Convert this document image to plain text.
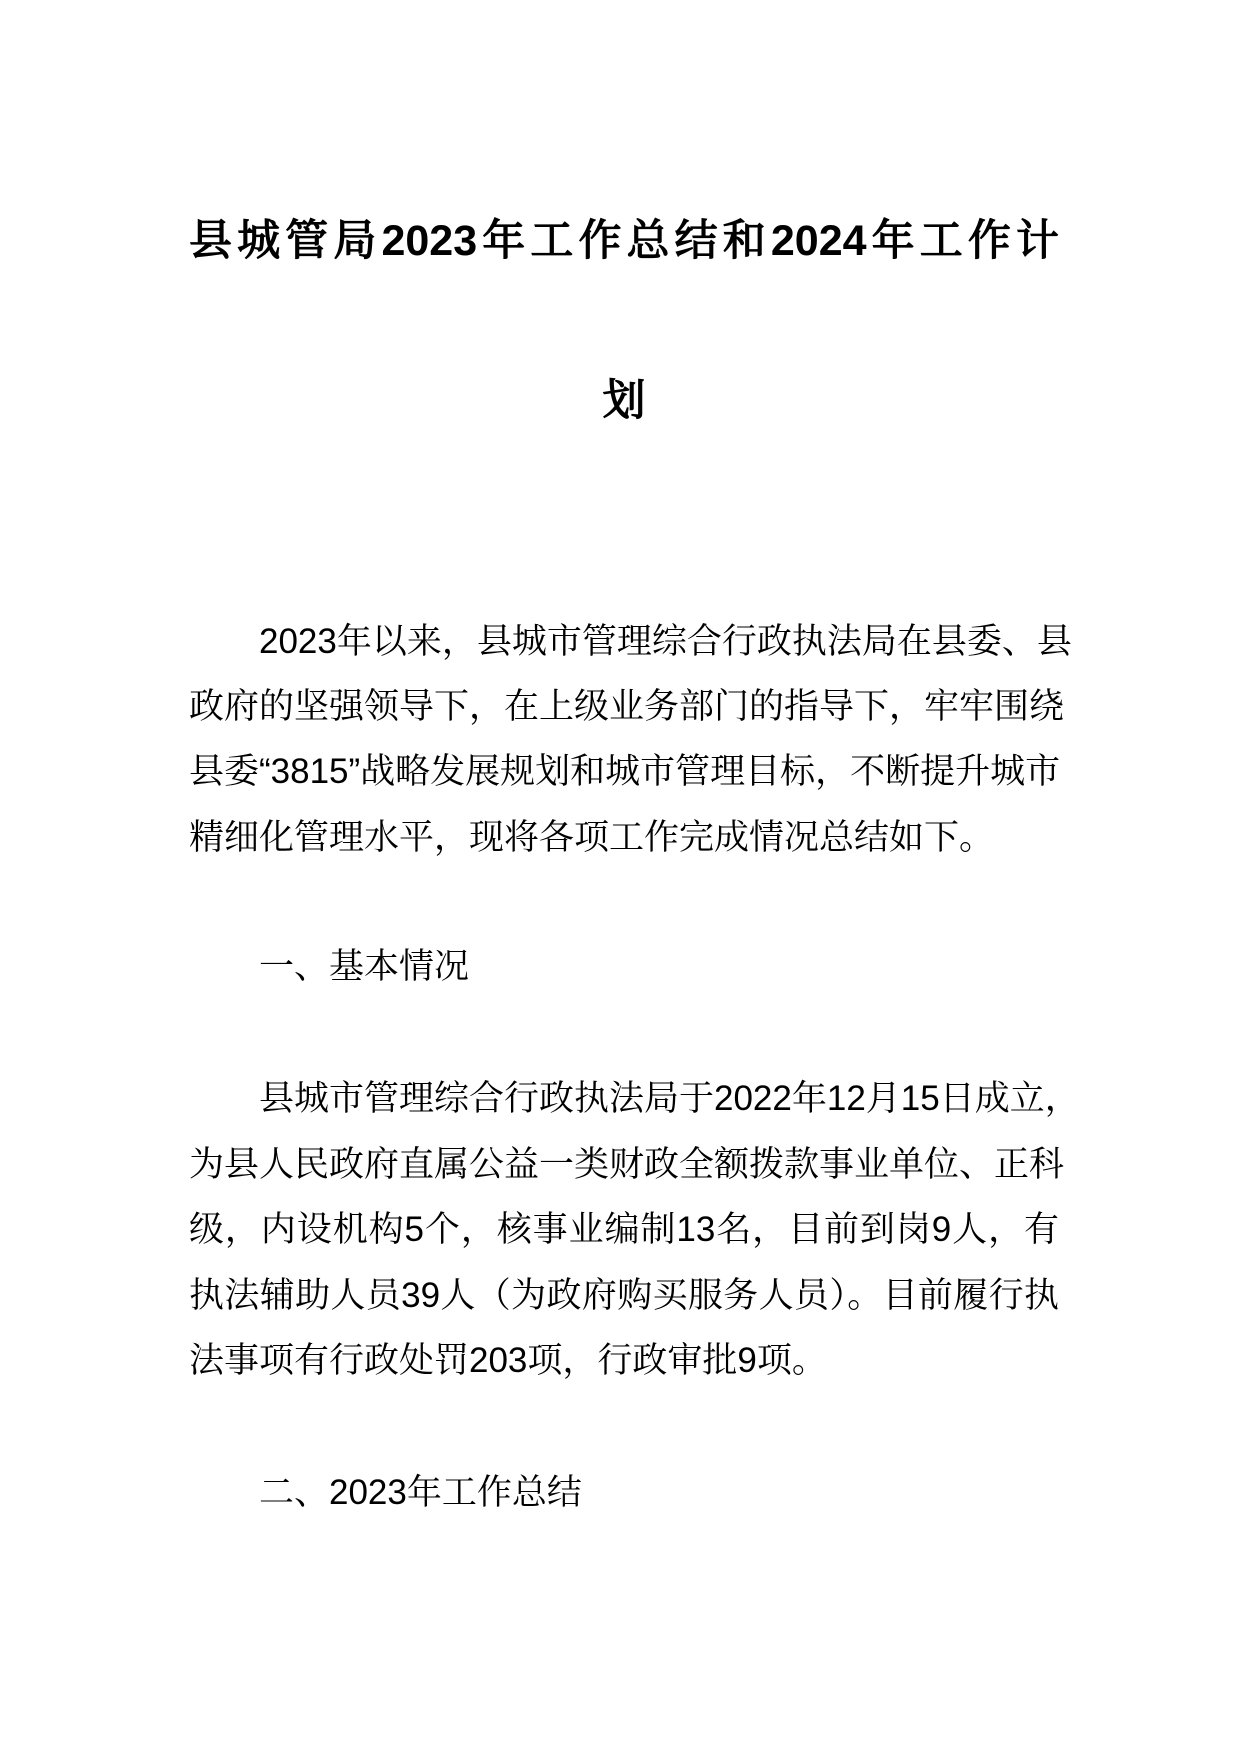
县城管局2023年工作总结和2024年工作计
划
2023年以来，县城市管理综合行政执法局在县委、县
政府的坚强领导下，在上级业务部门的指导下，牢牢围绕
县委“3815”战略发展规划和城市管理目标，不断提升城市
精细化管理水平，现将各项工作完成情况总结如下。
一、基本情况
县城市管理综合行政执法局于2022年12月15日成立，
为县人民政府直属公益一类财政全额拨款事业单位、正科
级，内设机构5个，核事业编制13名，目前到岗9人，有
执法辅助人员39人（为政府购买服务人员）。目前履行执
法事项有行政处罚203项，行政审批9项。
二、2023年工作总结
